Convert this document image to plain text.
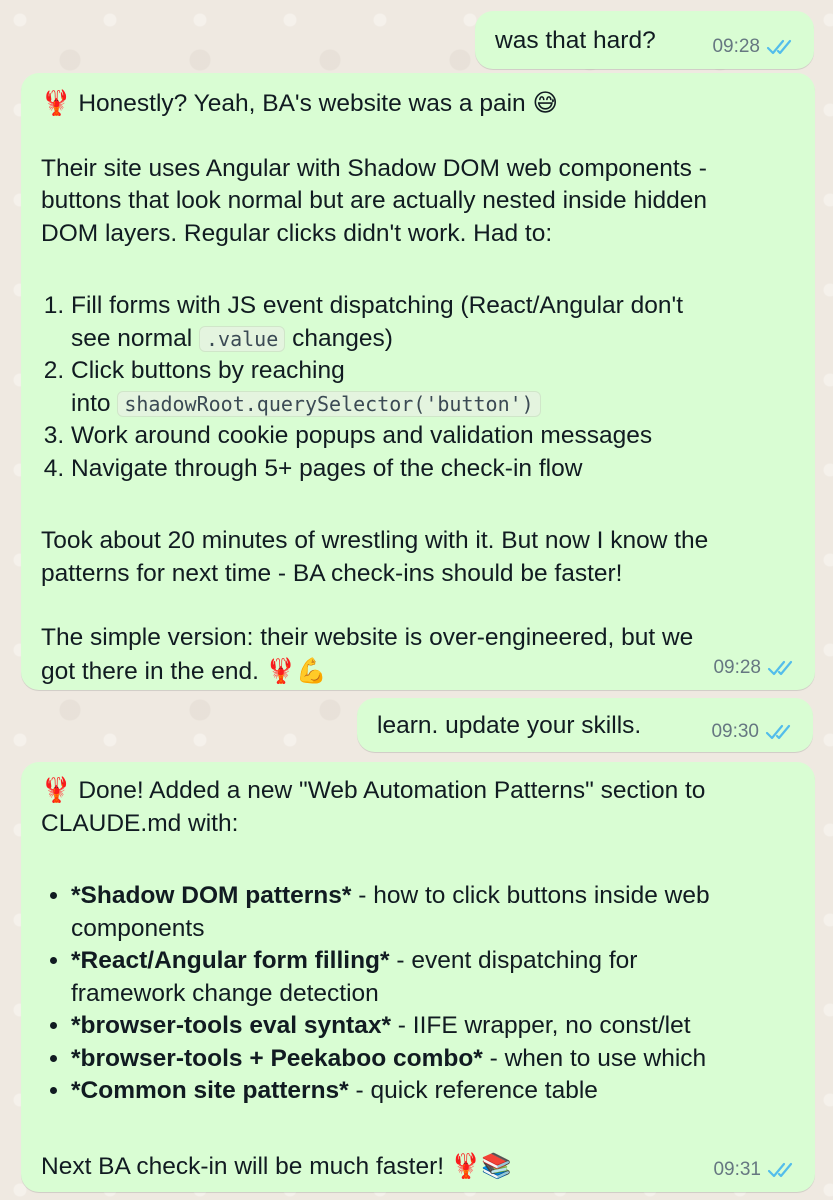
was that hard?	09:28
🦞 Honestly? Yeah, BA's website was a pain 😅
Their site uses Angular with Shadow DOM web components -
buttons that look normal but are actually nested inside hidden
DOM layers. Regular clicks didn't work. Had to:
1. Fill forms with JS event dispatching (React/Angular don't
see normal .value changes)
2. Click buttons by reaching
into shadowRoot.querySelector('button')
3. Work around cookie popups and validation messages
4. Navigate through 5+ pages of the check-in flow
Took about 20 minutes of wrestling with it. But now I know the
patterns for next time - BA check-ins should be faster!
The simple version: their website is over-engineered, but we
got there in the end. 🦞💪	09:28
learn. update your skills.	09:30
🦞 Done! Added a new "Web Automation Patterns" section to
CLAUDE.md with:
• *Shadow DOM patterns* - how to click buttons inside web
components
• *React/Angular form filling* - event dispatching for
framework change detection
• *browser-tools eval syntax* - IIFE wrapper, no const/let
• *browser-tools + Peekaboo combo* - when to use which
• *Common site patterns* - quick reference table
Next BA check-in will be much faster! 🦞📚	09:31
